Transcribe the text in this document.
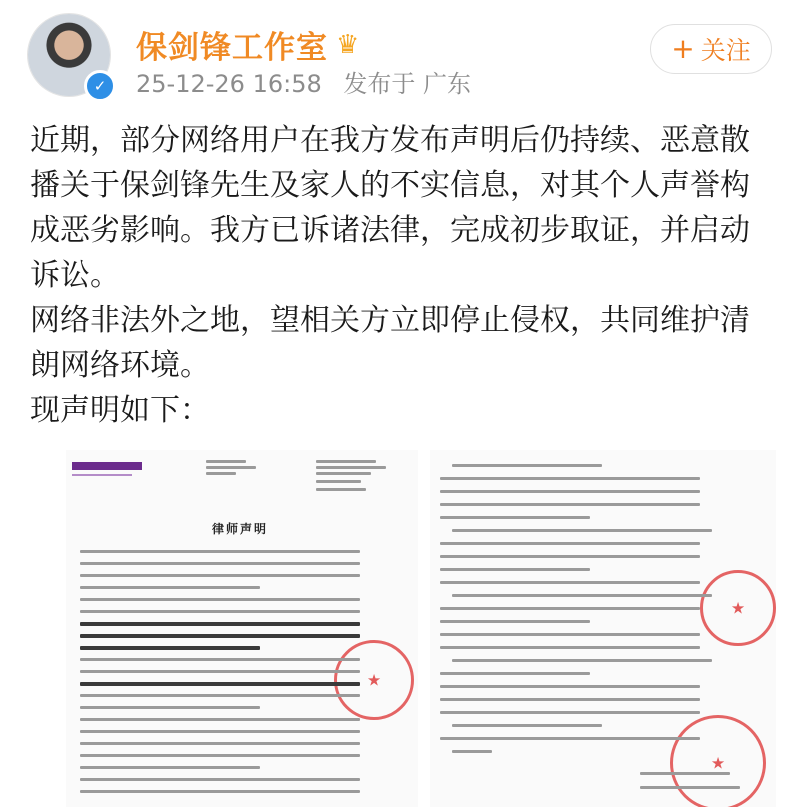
✓
保剑锋工作室 ♛
25-12-26 16:58 发布于 广东
+ 关注

近期，部分网络用户在我方发布声明后仍持续、恶意散播关于保剑锋先生及家人的不实信息，对其个人声誉构成恶劣影响。我方已诉诸法律，完成初步取证，并启动诉讼。

网络非法外之地，望相关方立即停止侵权，共同维护清朗网络环境。

现声明如下：

律师声明
★
★
★
